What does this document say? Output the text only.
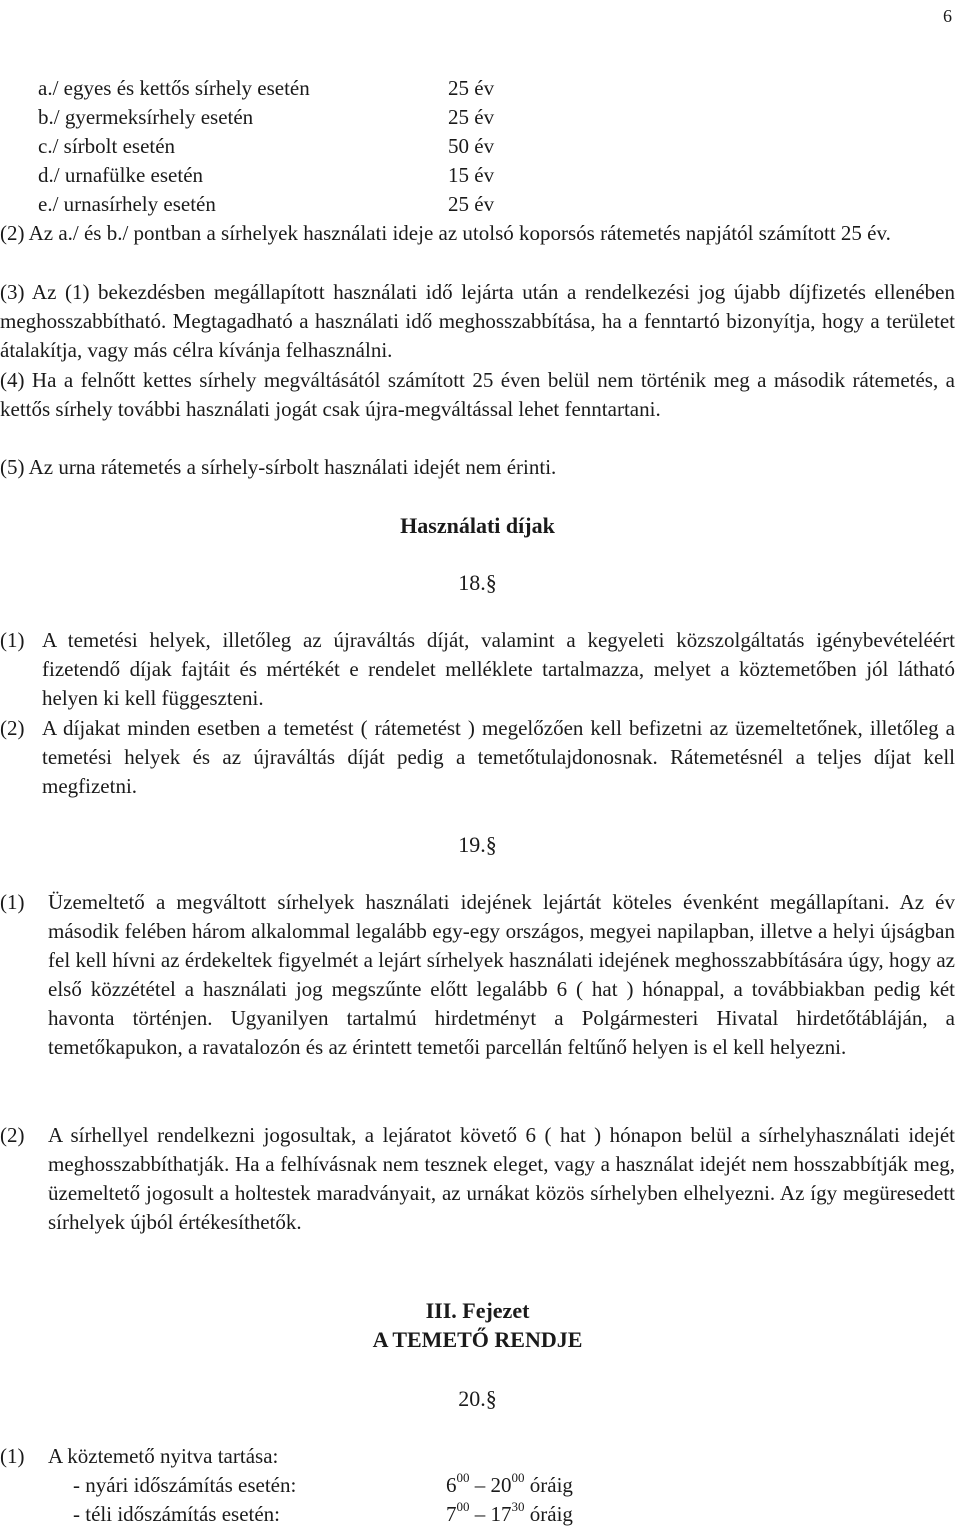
6
a./ egyes és kettős sírhely esetén	25 év
b./ gyermeksírhely esetén	25 év
c./ sírbolt esetén	50 év
d./ urnafülke esetén	15 év
e./ urnasírhely esetén	25 év
(2) Az a./ és b./ pontban a sírhelyek használati ideje az utolsó koporsós rátemetés napjától számított 25 év.
(3) Az (1) bekezdésben megállapított használati idő lejárta után a rendelkezési jog újabb díjfizetés ellenében meghosszabbítható. Megtagadható a használati idő meghosszabbítása, ha a fenntartó bizonyítja, hogy a területet átalakítja, vagy más célra kívánja felhasználni.
(4) Ha a felnőtt kettes sírhely megváltásától számított 25 éven belül nem történik meg a második rátemetés, a kettős sírhely további használati jogát csak újra-megváltással lehet fenntartani.
(5) Az urna rátemetés a sírhely-sírbolt használati idejét nem érinti.
Használati díjak
18.§
(1) A temetési helyek, illetőleg az újraváltás díját, valamint a kegyeleti közszolgáltatás igénybevételéért fizetendő díjak fajtáit és mértékét e rendelet melléklete tartalmazza, melyet a köztemetőben jól látható helyen ki kell függeszteni.
(2) A díjakat minden esetben a temetést ( rátemetést ) megelőzően kell befizetni az üzemeltetőnek, illetőleg a temetési helyek és az újraváltás díját pedig a temetőtulajdonosnak. Rátemetésnél a teljes díjat kell megfizetni.
19.§
(1)	Üzemeltető a megváltott sírhelyek használati idejének lejártát köteles évenként megállapítani. Az év második felében három alkalommal legalább egy-egy országos, megyei napilapban, illetve a helyi újságban fel kell hívni az érdekeltek figyelmét a lejárt sírhelyek használati idejének meghosszabbítására úgy, hogy az első közzététel a használati jog megszűnte előtt legalább 6 ( hat ) hónappal, a továbbiakban pedig két havonta történjen. Ugyanilyen tartalmú hirdetményt a Polgármesteri Hivatal hirdetőtábláján, a temetőkapukon, a ravatalozón és az érintett temetői parcellán feltűnő helyen is el kell helyezni.
(2)	A sírhellyel rendelkezni jogosultak, a lejáratot követő 6 ( hat ) hónapon belül a sírhelyhasználati idejét meghosszabbíthatják. Ha a felhívásnak nem tesznek eleget, vagy a használat idejét nem hosszabbítják meg, üzemeltető jogosult a holtestek maradványait, az urnákat közös sírhelyben elhelyezni. Az így megüresedett sírhelyek újból értékesíthetők.
III. Fejezet
A TEMETŐ RENDJE
20.§
(1)	A köztemető nyitva tartása:
- nyári időszámítás esetén:	$6^{00} - 20^{00}$ óráig
- téli időszámítás esetén:	$7^{00} - 17^{30}$ óráig
